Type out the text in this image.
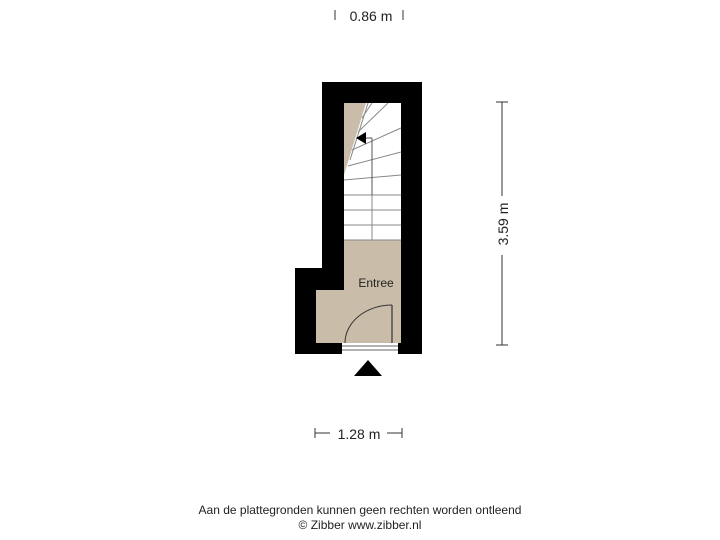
0.86 m
Entree
3.59 m
1.28 m
Aan de plattegronden kunnen geen rechten worden ontleend
© Zibber www.zibber.nl
